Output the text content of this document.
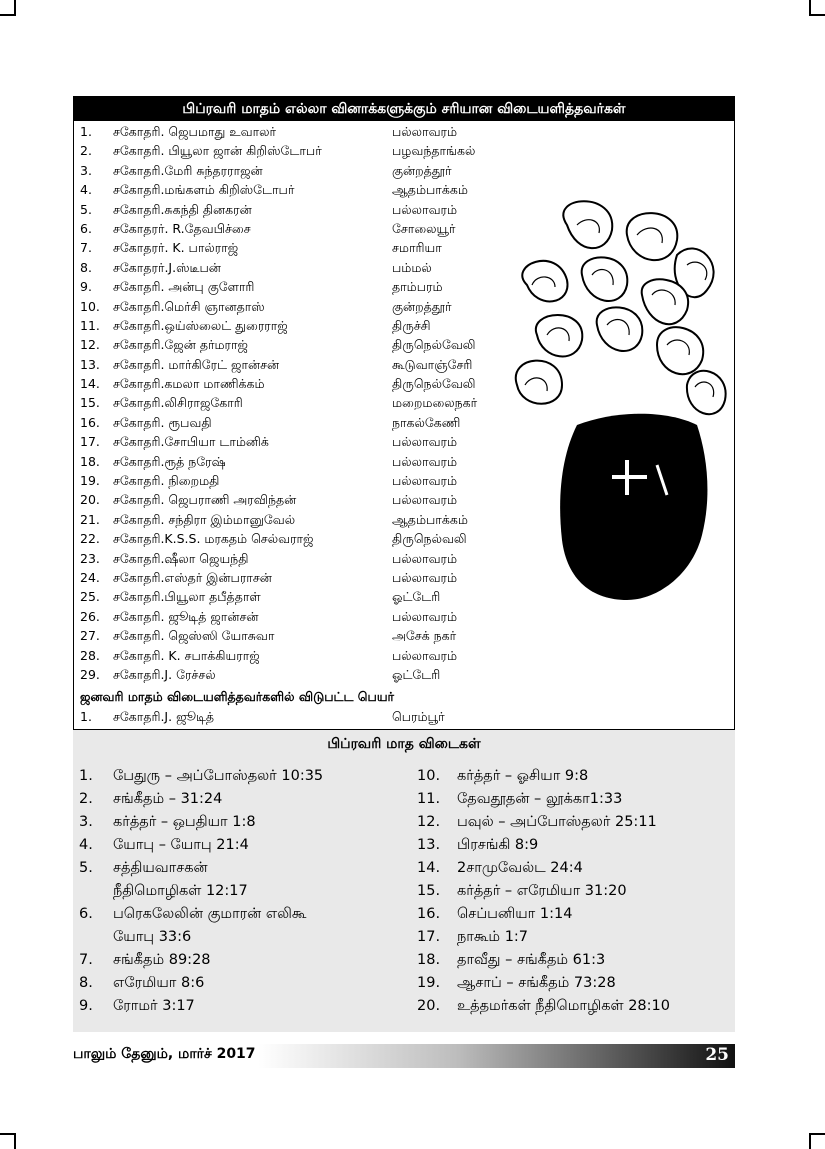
பிப்ரவரி மாதம் எல்லா வினாக்களுக்கும் சரியான விடையளித்தவர்கள்
1. சகோதரி. ஜெபமாது உவாலர்	பல்லாவரம்
2. சகோதரி. பியூலா ஜான் கிறிஸ்டோபர்	பழவந்தாங்கல்
3. சகோதரி.மேரி சுந்தரராஜன்	குன்றத்தூர்
4. சகோதரி.மங்களம் கிறிஸ்டோபர்	ஆதம்பாக்கம்
5. சகோதரி.சுகந்தி தினகரன்	பல்லாவரம்
6. சகோதரர். R.தேவபிச்சை	சோலையூர்
7. சகோதரர். K. பால்ராஜ்	சமாரியா
8. சகோதரர்.J.ஸ்டீபன்	பம்மல்
9. சகோதரி. அன்பு குளோரி	தாம்பரம்
10. சகோதரி.மெர்சி ஞானதாஸ்	குன்றத்தூர்
11. சகோதரி.ஒய்ஸ்லைட் துரைராஜ்	திருச்சி
12. சகோதரி.ஜேன் தர்மராஜ்	திருநெல்வேலி
13. சகோதரி. மார்கிரேட் ஜான்சன்	கூடுவாஞ்சேரி
14. சகோதரி.கமலா மாணிக்கம்	திருநெல்வேலி
15. சகோதரி.லிசிராஜகோரி	மறைமலைநகர்
16. சகோதரி. ரூபவதி	நாகல்கேணி
17. சகோதரி.சோபியா டாம்னிக்	பல்லாவரம்
18. சகோதரி.ரூத் நரேஷ்	பல்லாவரம்
19. சகோதரி. நிறைமதி	பல்லாவரம்
20. சகோதரி. ஜெபராணி அரவிந்தன்	பல்லாவரம்
21. சகோதரி. சந்திரா இம்மானுவேல்	ஆதம்பாக்கம்
22. சகோதரி.K.S.S. மரகதம் செல்வராஜ்	திருநெல்வலி
23. சகோதரி.ஷீலா ஜெயந்தி	பல்லாவரம்
24. சகோதரி.எஸ்தர் இன்பராசன்	பல்லாவரம்
25. சகோதரி.பியூலா தபீத்தாள்	ஓட்டேரி
26. சகோதரி. ஜூடித் ஜான்சன்	பல்லாவரம்
27. சகோதரி. ஜெஸ்ஸி யோசுவா	அசேக் நகர்
28. சகோதரி. K. சபாக்கியராஜ்	பல்லாவரம்
29. சகோதரி.J. ரேச்சல்	ஓட்டேரி
ஜனவரி மாதம் விடையளித்தவர்களில் விடுபட்ட பெயர்
1. சகோதரி.J. ஜூடித்	பெரம்பூர்
பிப்ரவரி மாத விடைகள்
1. பேதுரு – அப்போஸ்தலர் 10:35
2. சங்கீதம் – 31:24
3. கர்த்தர் – ஒபதியா 1:8
4. யோபு – யோபு 21:4
5. சத்தியவாசகன்
நீதிமொழிகள் 12:17
6. பரெகலேலின் குமாரன் எலிகூ
யோபு 33:6
7. சங்கீதம் 89:28
8. எரேமியா 8:6
9. ரோமர் 3:17
10. கர்த்தர் – ஓசியா 9:8
11. தேவதூதன் – லூக்கா1:33
12. பவுல் – அப்போஸ்தலர் 25:11
13. பிரசங்கி 8:9
14. 2சாமுவேல்ட 24:4
15. கர்த்தர் – எரேமியா 31:20
16. செப்பனியா 1:14
17. நாகூம் 1:7
18. தாவீது – சங்கீதம் 61:3
19. ஆசாப் – சங்கீதம் 73:28
20. உத்தமர்கள் நீதிமொழிகள் 28:10
பாலும் தேனும், மார்ச் 2017	25
